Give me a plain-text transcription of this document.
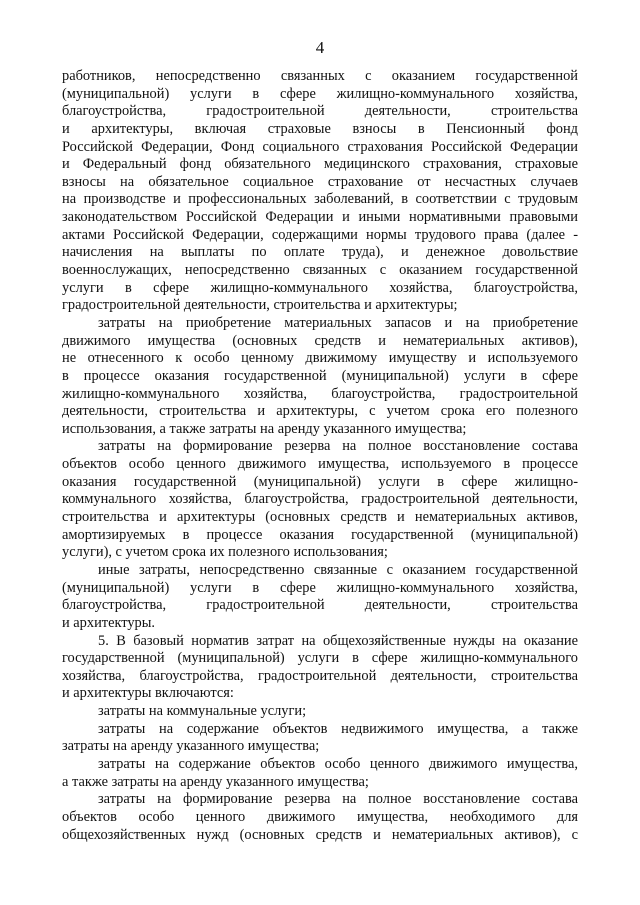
4
работников, непосредственно связанных с оказанием государственной
(муниципальной) услуги в сфере жилищно-коммунального хозяйства,
благоустройства, градостроительной деятельности, строительства
и архитектуры, включая страховые взносы в Пенсионный фонд
Российской Федерации, Фонд социального страхования Российской Федерации
и Федеральный фонд обязательного медицинского страхования, страховые
взносы на обязательное социальное страхование от несчастных случаев
на производстве и профессиональных заболеваний, в соответствии с трудовым
законодательством Российской Федерации и иными нормативными правовыми
актами Российской Федерации, содержащими нормы трудового права (далее -
начисления на выплаты по оплате труда), и денежное довольствие
военнослужащих, непосредственно связанных с оказанием государственной
услуги в сфере жилищно-коммунального хозяйства, благоустройства,
градостроительной деятельности, строительства и архитектуры;
затраты на приобретение материальных запасов и на приобретение
движимого имущества (основных средств и нематериальных активов),
не отнесенного к особо ценному движимому имуществу и используемого
в процессе оказания государственной (муниципальной) услуги в сфере
жилищно-коммунального хозяйства, благоустройства, градостроительной
деятельности, строительства и архитектуры, с учетом срока его полезного
использования, а также затраты на аренду указанного имущества;
затраты на формирование резерва на полное восстановление состава
объектов особо ценного движимого имущества, используемого в процессе
оказания государственной (муниципальной) услуги в сфере жилищно-
коммунального хозяйства, благоустройства, градостроительной деятельности,
строительства и архитектуры (основных средств и нематериальных активов,
амортизируемых в процессе оказания государственной (муниципальной)
услуги), с учетом срока их полезного использования;
иные затраты, непосредственно связанные с оказанием государственной
(муниципальной) услуги в сфере жилищно-коммунального хозяйства,
благоустройства, градостроительной деятельности, строительства
и архитектуры.
5. В базовый норматив затрат на общехозяйственные нужды на оказание
государственной (муниципальной) услуги в сфере жилищно-коммунального
хозяйства, благоустройства, градостроительной деятельности, строительства
и архитектуры включаются:
затраты на коммунальные услуги;
затраты на содержание объектов недвижимого имущества, а также
затраты на аренду указанного имущества;
затраты на содержание объектов особо ценного движимого имущества,
а также затраты на аренду указанного имущества;
затраты на формирование резерва на полное восстановление состава
объектов особо ценного движимого имущества, необходимого для
общехозяйственных нужд (основных средств и нематериальных активов), с
